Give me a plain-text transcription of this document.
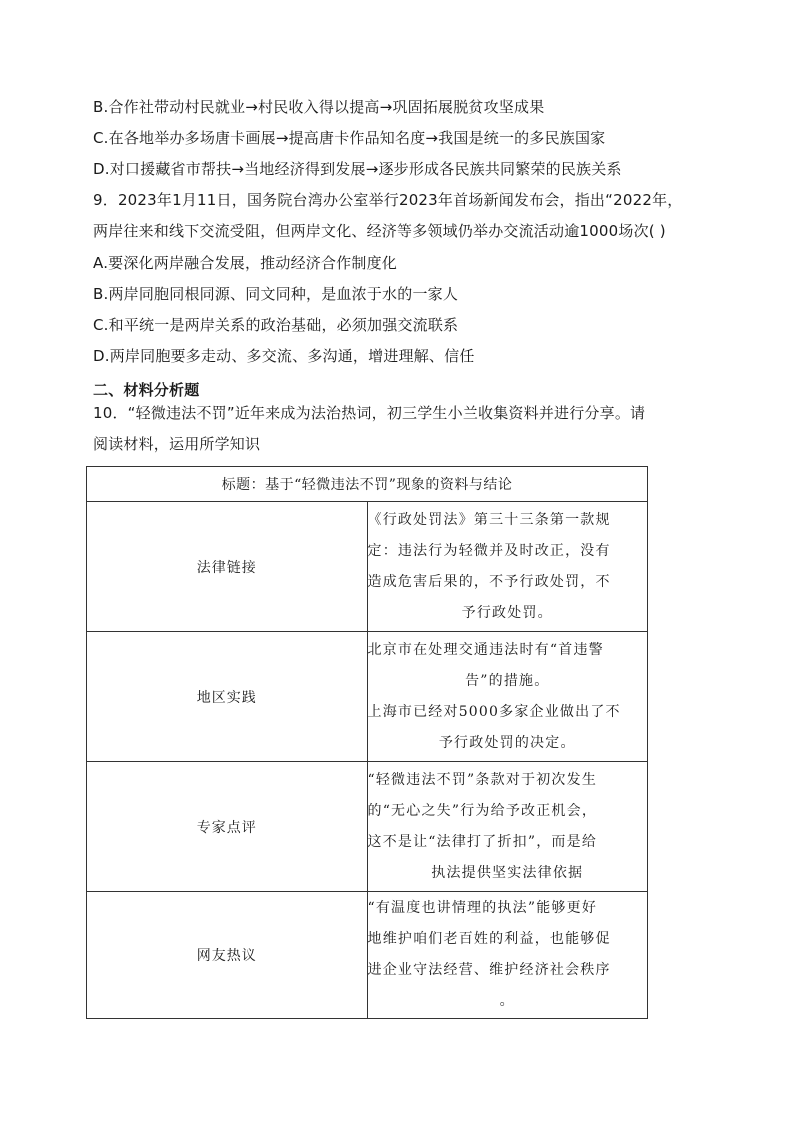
B.合作社带动村民就业→村民收入得以提高→巩固拓展脱贫攻坚成果
C.在各地举办多场唐卡画展→提高唐卡作品知名度→我国是统一的多民族国家
D.对口援藏省市帮扶→当地经济得到发展→逐步形成各民族共同繁荣的民族关系
9．2023年1月11日，国务院台湾办公室举行2023年首场新闻发布会，指出“2022年，
两岸往来和线下交流受阻，但两岸文化、经济等多领域仍举办交流活动逾1000场次( )
A.要深化两岸融合发展，推动经济合作制度化
B.两岸同胞同根同源、同文同种，是血浓于水的一家人
C.和平统一是两岸关系的政治基础，必须加强交流联系
D.两岸同胞要多走动、多交流、多沟通，增进理解、信任
二、材料分析题
10．“轻微违法不罚”近年来成为法治热词，初三学生小兰收集资料并进行分享。请
阅读材料，运用所学知识
标题：基于“轻微违法不罚”现象的资料与结论	
法律链接	《行政处罚法》第三十三条第一款规
定：违法行为轻微并及时改正，没有
造成危害后果的，不予行政处罚，不
予行政处罚。

地区实践	北京市在处理交通违法时有“首违警
告”的措施。
上海市已经对5000多家企业做出了不
予行政处罚的决定。

专家点评	“轻微违法不罚”条款对于初次发生
的“无心之失”行为给予改正机会，
这不是让“法律打了折扣”，而是给
执法提供坚实法律依据

网友热议	“有温度也讲情理的执法”能够更好
地维护咱们老百姓的利益，也能够促
进企业守法经营、维护经济社会秩序
。
